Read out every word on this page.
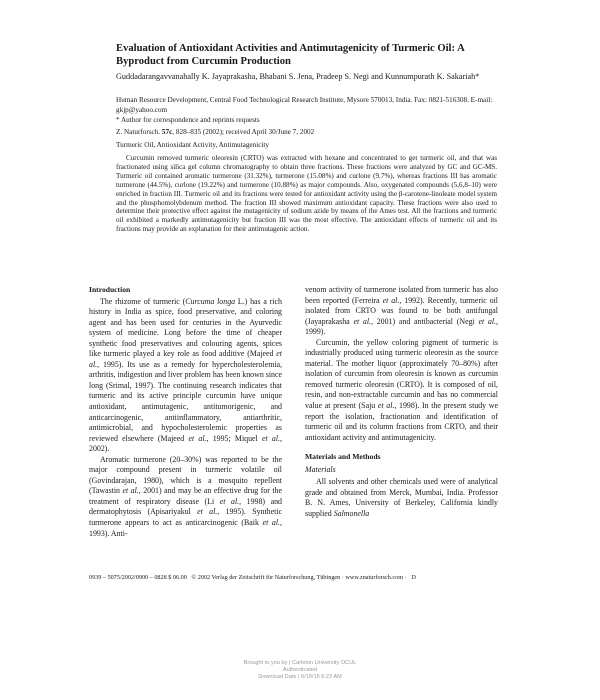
Evaluation of Antioxidant Activities and Antimutagenicity of Turmeric Oil: A Byproduct from Curcumin Production
Guddadarangavvanahally K. Jayaprakasha, Bhabani S. Jena, Pradeep S. Negi and Kunnumpurath K. Sakariah*
Human Resource Development, Central Food Technological Research Institute, Mysore 570013, India. Fax: 0821-516308. E-mail: gkjp@yahoo.com
* Author for correspondence and reprints requests
Z. Naturforsch. 57c, 828–835 (2002); received April 30/June 7, 2002
Turmeric Oil, Antioxidant Activity, Antimutagenicity
Curcumin removed turmeric oleoresin (CRTO) was extracted with hexane and concentrated to get turmeric oil, and that was fractionated using silica gel column chromatography to obtain three fractions. These fractions were analyzed by GC and GC-MS. Turmeric oil contained aromatic turmerone (31.32%), turmerone (15.08%) and curlone (9.7%), whereas fractions III has aromatic turmerone (44.5%), curlone (19.22%) and turmerone (10.88%) as major compounds. Also, oxygenated compounds (5,6,8–10) were enriched in fraction III. Turmeric oil and its fractions were tested for antioxidant activity using the β-carotene-linoleate model system and the phosphomolybdenum method. The fraction III showed maximum antioxidant capacity. These fractions were also used to determine their protective effect against the mutagenicity of sodium azide by means of the Ames test. All the fractions and turmeric oil exhibited a markedly antimutagenicity but fraction III was the most effective. The antioxidant effects of turmeric oil and its fractions may provide an explanation for their antimutagenic action.
Introduction

The rhizome of turmeric (Curcuma longa L.) has a rich history in India as spice, food preservative, and coloring agent and has been used for centuries in the Ayurvedic system of medicine. Long before the time of cheaper synthetic food preservatives and colouring agents, spices like turmeric played a key role as food additive (Majeed et al., 1995). Its use as a remedy for hypercholesterolemia, arthritis, indigestion and liver problem has been known since long (Srimal, 1997). The continuing research indicates that turmeric and its active principle curcumin have unique antioxidant, antimutagenic, antitumorigenic, and anticarcinogenic, antiinflammatory, antiarthritic, antimicrobial, and hypocholesterolemic properties as reviewed elsewhere (Majeed et al., 1995; Miquel et al., 2002).

Aromatic turmerone (20–30%) was reported to be the major compound present in turmeric volatile oil (Govindarajan, 1980), which is a mosquito repellent (Tawastin et al., 2001) and may be an effective drug for the treatment of respiratory disease (Li et al., 1998) and dermatophytosis (Apisariyakul et al., 1995). Synthetic turmerone appears to act as anticarcinogenic (Baik et al., 1993). Anti-

venom activity of turmerone isolated from turmeric has also been reported (Ferreira et al., 1992). Recently, turmeric oil isolated from CRTO was found to be both antifungal (Jayaprakasha et al., 2001) and antibacterial (Negi et al., 1999).

Curcumin, the yellow coloring pigment of turmeric is industrially produced using turmeric oleoresin as the source material. The mother liquor (approximately 70–80%) after isolation of curcumin from oleoresin is known as curcumin removed turmeric oleoresin (CRTO). It is composed of oil, resin, and non-extractable curcumin and has no commercial value at present (Saju et al., 1998). In the present study we report the isolation, fractionation and identification of turmeric oil and its column fractions from CRTO, and their antioxidant activity and antimutagenicity.

Materials and Methods
Materials

All solvents and other chemicals used were of analytical grade and obtained from Merck, Mumbai, India. Professor B. N. Ames, University of Berkeley, California kindly supplied Salmonella

0939 – 5075/2002/0900 – 0828 $ 06.00 © 2002 Verlag der Zeitschrift für Naturforschung, Tübingen · www.znaturforsch.com · D
Brought to you by | Carleton University OCUL
Authenticated
Download Date | 6/19/15 6:23 AM
